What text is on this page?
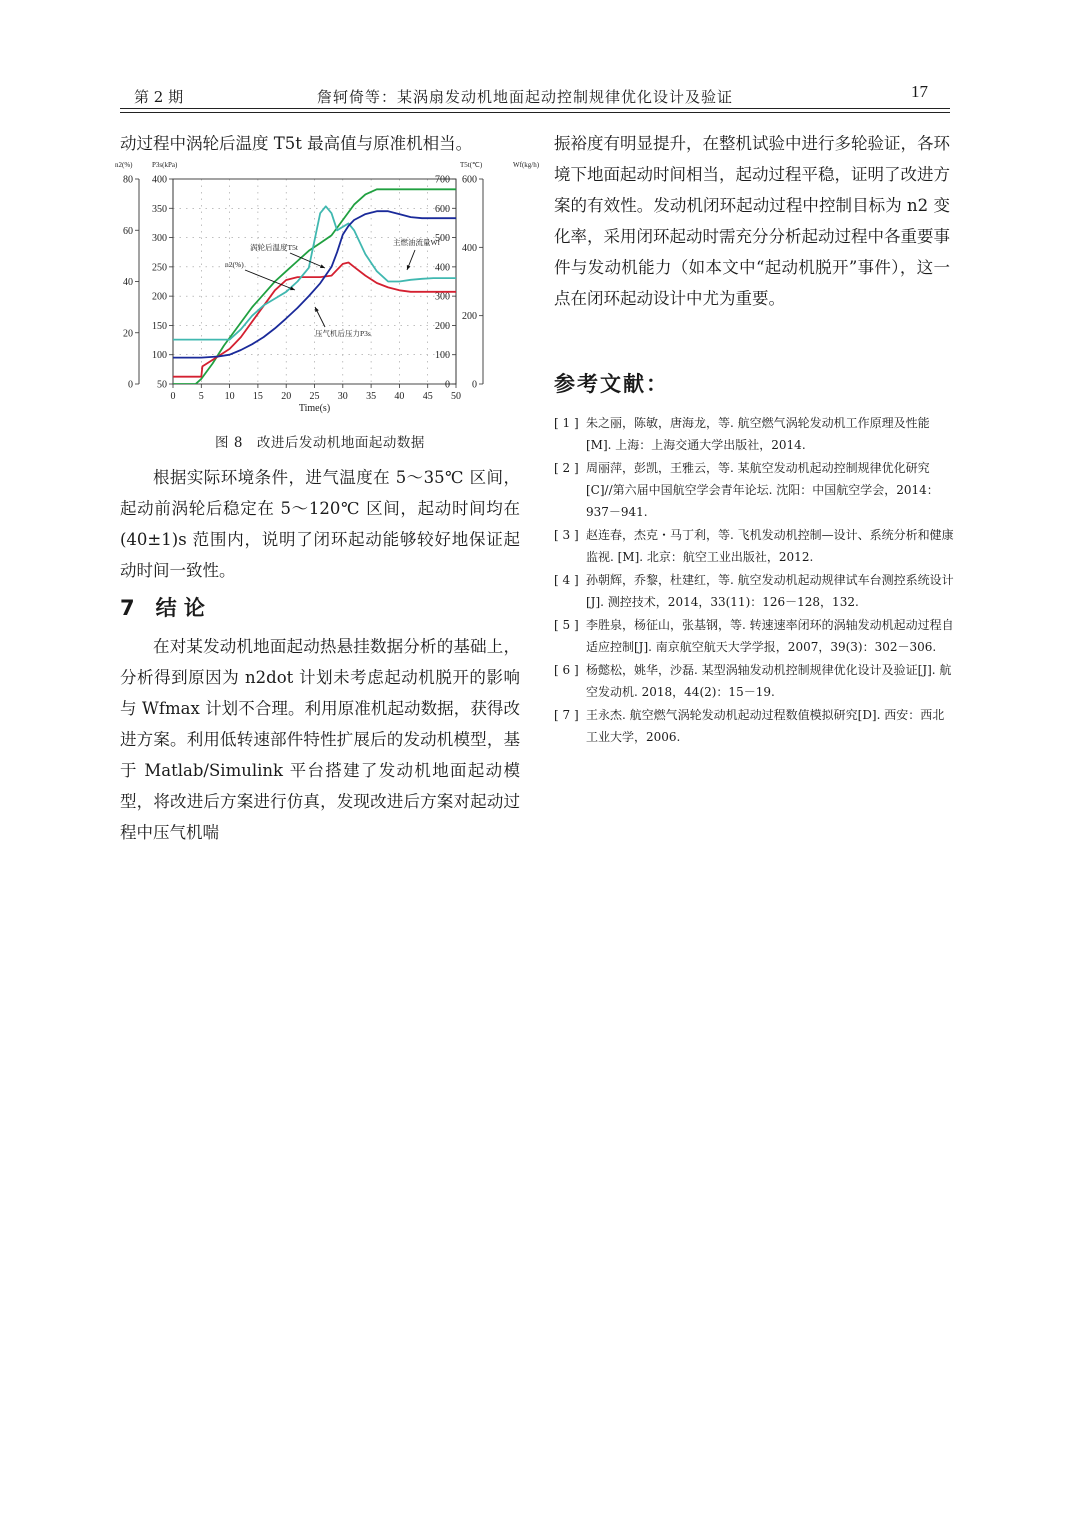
第 2 期	詹轲倚等：某涡扇发动机地面起动控制规律优化设计及验证	17

动过程中涡轮后温度 T5t 最高值与原准机相当。

0
20
40
60
80
n2(%)
50
100
150
200
250
300
350
400
P3s(kPa)
0
100
200
300
400
500
600
700
T5t(℃)
0
200
400
600
Wf(kg/h)
0 5 10 15 20 25 30 35 40 45 50
Time(s)
涡轮后温度T5t
n2(%)
主燃油流量Wf
压气机后压力P3s
图 8　改进后发动机地面起动数据

根据实际环境条件，进气温度在 5～35℃ 区间，起动前涡轮后稳定在 5～120℃ 区间，起动时间均在(40±1)s 范围内，说明了闭环起动能够较好地保证起动时间一致性。

7　结 论

在对某发动机地面起动热悬挂数据分析的基础上，分析得到原因为 n2dot 计划未考虑起动机脱开的影响与 Wfmax 计划不合理。利用原准机起动数据，获得改进方案。利用低转速部件特性扩展后的发动机模型，基于 Matlab/Simulink 平台搭建了发动机地面起动模型，将改进后方案进行仿真，发现改进后方案对起动过程中压气机喘

振裕度有明显提升，在整机试验中进行多轮验证，各环境下地面起动时间相当，起动过程平稳，证明了改进方案的有效性。发动机闭环起动过程中控制目标为 n2 变化率，采用闭环起动时需充分分析起动过程中各重要事件与发动机能力（如本文中“起动机脱开”事件），这一点在闭环起动设计中尤为重要。

参考文献：
[ 1 ] 朱之丽，陈敏，唐海龙，等. 航空燃气涡轮发动机工作原理及性能[M]. 上海：上海交通大学出版社，2014.
[ 2 ] 周丽萍，彭凯，王雅云，等. 某航空发动机起动控制规律优化研究[C]//第六届中国航空学会青年论坛. 沈阳：中国航空学会，2014：937－941.
[ 3 ] 赵连春，杰克・马丁利，等. 飞机发动机控制—设计、系统分析和健康监视. [M]. 北京：航空工业出版社，2012.
[ 4 ] 孙朝辉，乔黎，杜建红，等. 航空发动机起动规律试车台测控系统设计[J]. 测控技术，2014，33(11)：126－128，132.
[ 5 ] 李胜泉，杨征山，张基钢，等. 转速速率闭环的涡轴发动机起动过程自适应控制[J]. 南京航空航天大学学报，2007，39(3)：302－306.
[ 6 ] 杨懿松，姚华，沙磊. 某型涡轴发动机控制规律优化设计及验证[J]. 航空发动机. 2018，44(2)：15－19.
[ 7 ] 王永杰. 航空燃气涡轮发动机起动过程数值模拟研究[D]. 西安：西北工业大学，2006.
